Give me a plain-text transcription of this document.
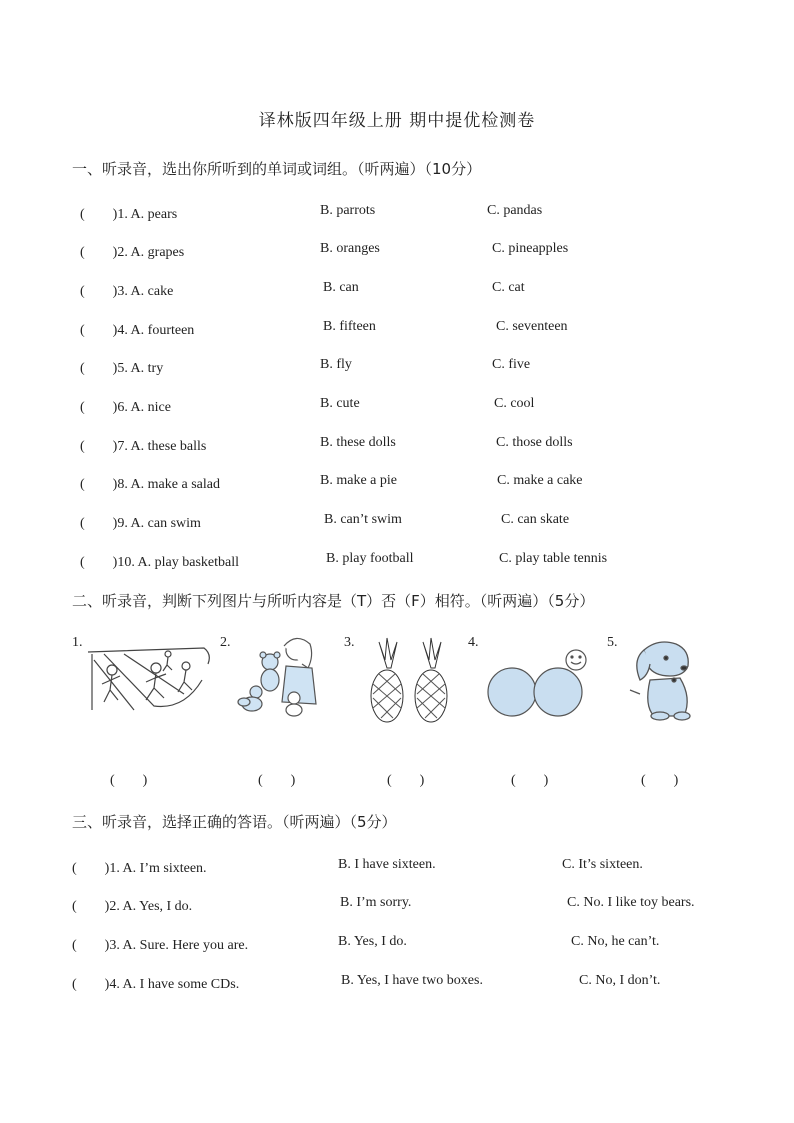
译林版四年级上册 期中提优检测卷
一、听录音，选出你所听到的单词或词组。（听两遍）（10分）
(　　)1. A. pears	B. parrots	C. pandas
(　　)2. A. grapes	B. oranges	C. pineapples
(　　)3. A. cake	B. can	C. cat
(　　)4. A. fourteen	B. fifteen	C. seventeen
(　　)5. A. try	B. fly	C. five
(　　)6. A. nice	B. cute	C. cool
(　　)7. A. these balls	B. these dolls	C. those dolls
(　　)8. A. make a salad	B. make a pie	C. make a cake
(　　)9. A. can swim	B. can’t swim	C. can skate
(　　)10. A. play basketball	B. play football	C. play table tennis
二、听录音，判断下列图片与所听内容是（T）否（F）相符。（听两遍）（5分）
1.	2.	3.	4.	5.
(　　)	(　　)	(　　)	(　　)	(　　)
三、听录音，选择正确的答语。（听两遍）（5分）
(　　)1. A. I’m sixteen.	B. I have sixteen.	C. It’s sixteen.
(　　)2. A. Yes, I do.	B. I’m sorry.	C. No. I like toy bears.
(　　)3. A. Sure. Here you are.	B. Yes, I do.	C. No, he can’t.
(　　)4. A. I have some CDs.	B. Yes, I have two boxes.	C. No, I don’t.
